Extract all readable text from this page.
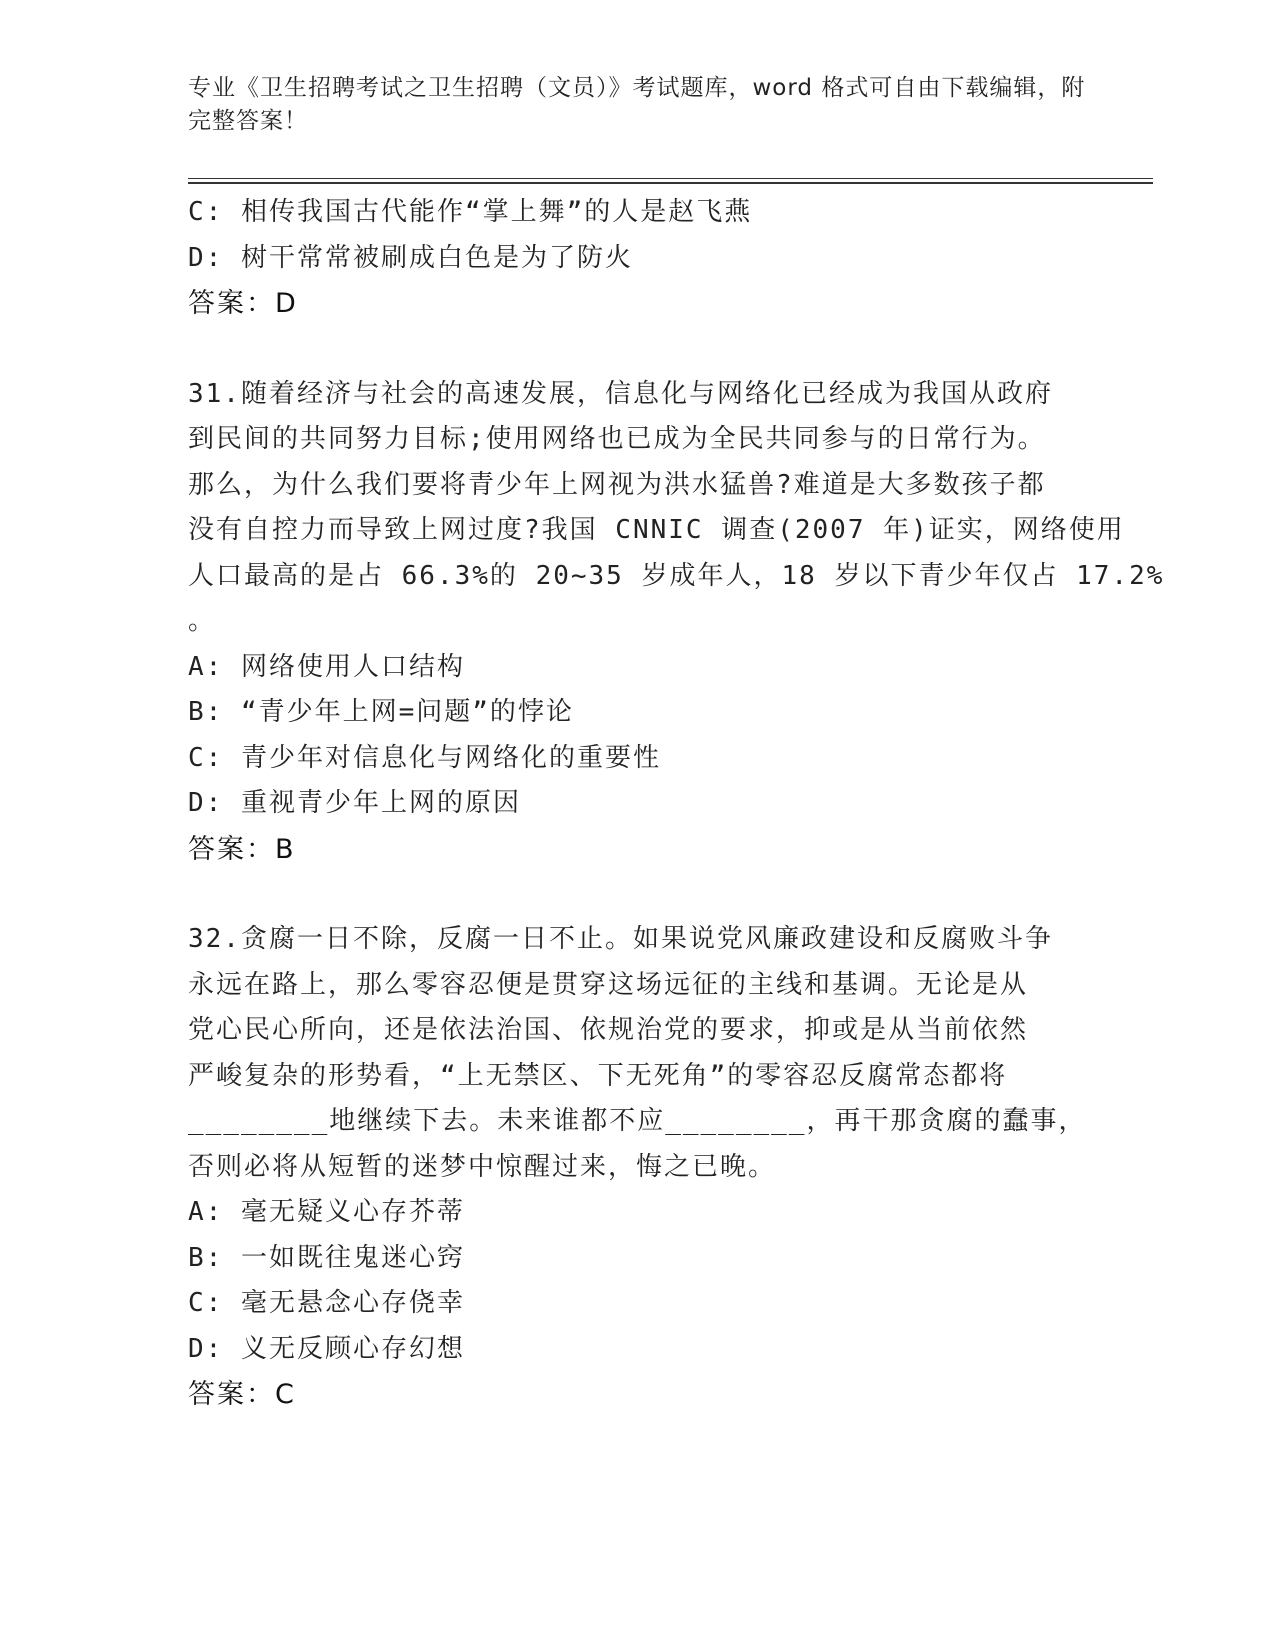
专业《卫生招聘考试之卫生招聘（文员）》考试题库，word 格式可自由下载编辑，附完整答案！
C: 相传我国古代能作“掌上舞”的人是赵飞燕
D: 树干常常被刷成白色是为了防火
答案：D
31.随着经济与社会的高速发展，信息化与网络化已经成为我国从政府
到民间的共同努力目标;使用网络也已成为全民共同参与的日常行为。
那么，为什么我们要将青少年上网视为洪水猛兽?难道是大多数孩子都
没有自控力而导致上网过度?我国 CNNIC 调查(2007 年)证实，网络使用
人口最高的是占 66.3%的 20~35 岁成年人，18 岁以下青少年仅占 17.2%
。
A: 网络使用人口结构
B: “青少年上网=问题”的悖论
C: 青少年对信息化与网络化的重要性
D: 重视青少年上网的原因
答案：B
32.贪腐一日不除，反腐一日不止。如果说党风廉政建设和反腐败斗争
永远在路上，那么零容忍便是贯穿这场远征的主线和基调。无论是从
党心民心所向，还是依法治国、依规治党的要求，抑或是从当前依然
严峻复杂的形势看，“上无禁区、下无死角”的零容忍反腐常态都将
________地继续下去。未来谁都不应________，再干那贪腐的蠢事，
否则必将从短暂的迷梦中惊醒过来，悔之已晚。
A: 毫无疑义心存芥蒂
B: 一如既往鬼迷心窍
C: 毫无悬念心存侥幸
D: 义无反顾心存幻想
答案：C
